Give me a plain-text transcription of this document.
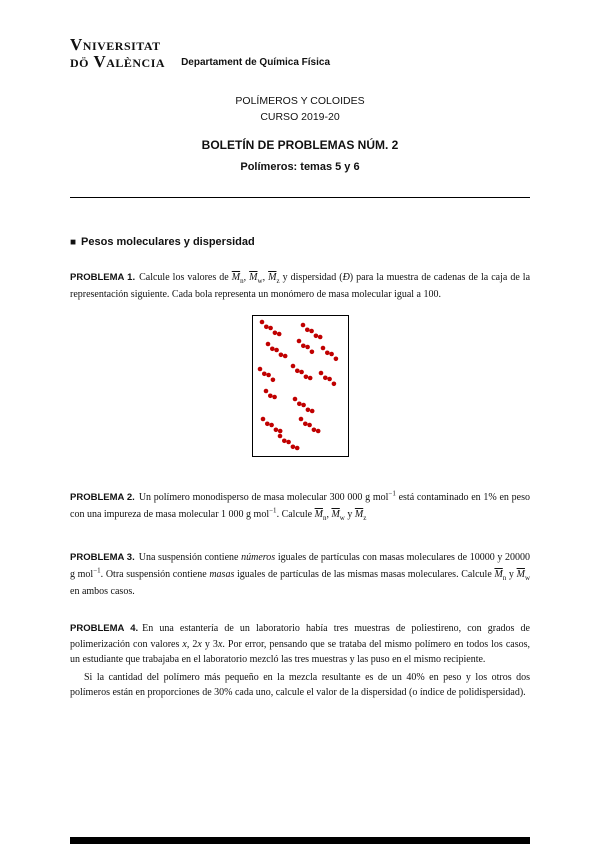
Vniversitat
dö València Departament de Química Física
POLÍMEROS Y COLOIDES
CURSO 2019-20
BOLETÍN DE PROBLEMAS NÚM. 2
Polímeros: temas 5 y 6
■ Pesos moleculares y dispersidad

PROBLEMA 1. Calcule los valores de $\overline{M}_n$, $\overline{M}_w$, $\overline{M}_z$ y dispersidad (Đ) para la muestra de cadenas de la caja de la representación siguiente. Cada bola representa un monómero de masa molecular igual a 100.

PROBLEMA 2. Un polímero monodisperso de masa molecular 300 000 g mol$^{-1}$ está contaminado en 1% en peso con una impureza de masa molecular 1 000 g mol$^{-1}$. Calcule $\overline{M}_n$, $\overline{M}_w$ y $\overline{M}_z$

PROBLEMA 3. Una suspensión contiene números iguales de partículas con masas moleculares de 10000 y 20000 g mol$^{-1}$. Otra suspensión contiene masas iguales de partículas de las mismas masas moleculares. Calcule $\overline{M}_n$ y $\overline{M}_w$ en ambos casos.

PROBLEMA 4. En una estantería de un laboratorio había tres muestras de poliestireno, con grados de polimerización con valores x, 2x y 3x. Por error, pensando que se trataba del mismo polímero en todos los casos, un estudiante que trabajaba en el laboratorio mezcló las tres muestras y las puso en el mismo recipiente.

Si la cantidad del polímero más pequeño en la mezcla resultante es de un 40% en peso y los otros dos polímeros están en proporciones de 30% cada uno, calcule el valor de la dispersidad (o índice de polidispersidad).
